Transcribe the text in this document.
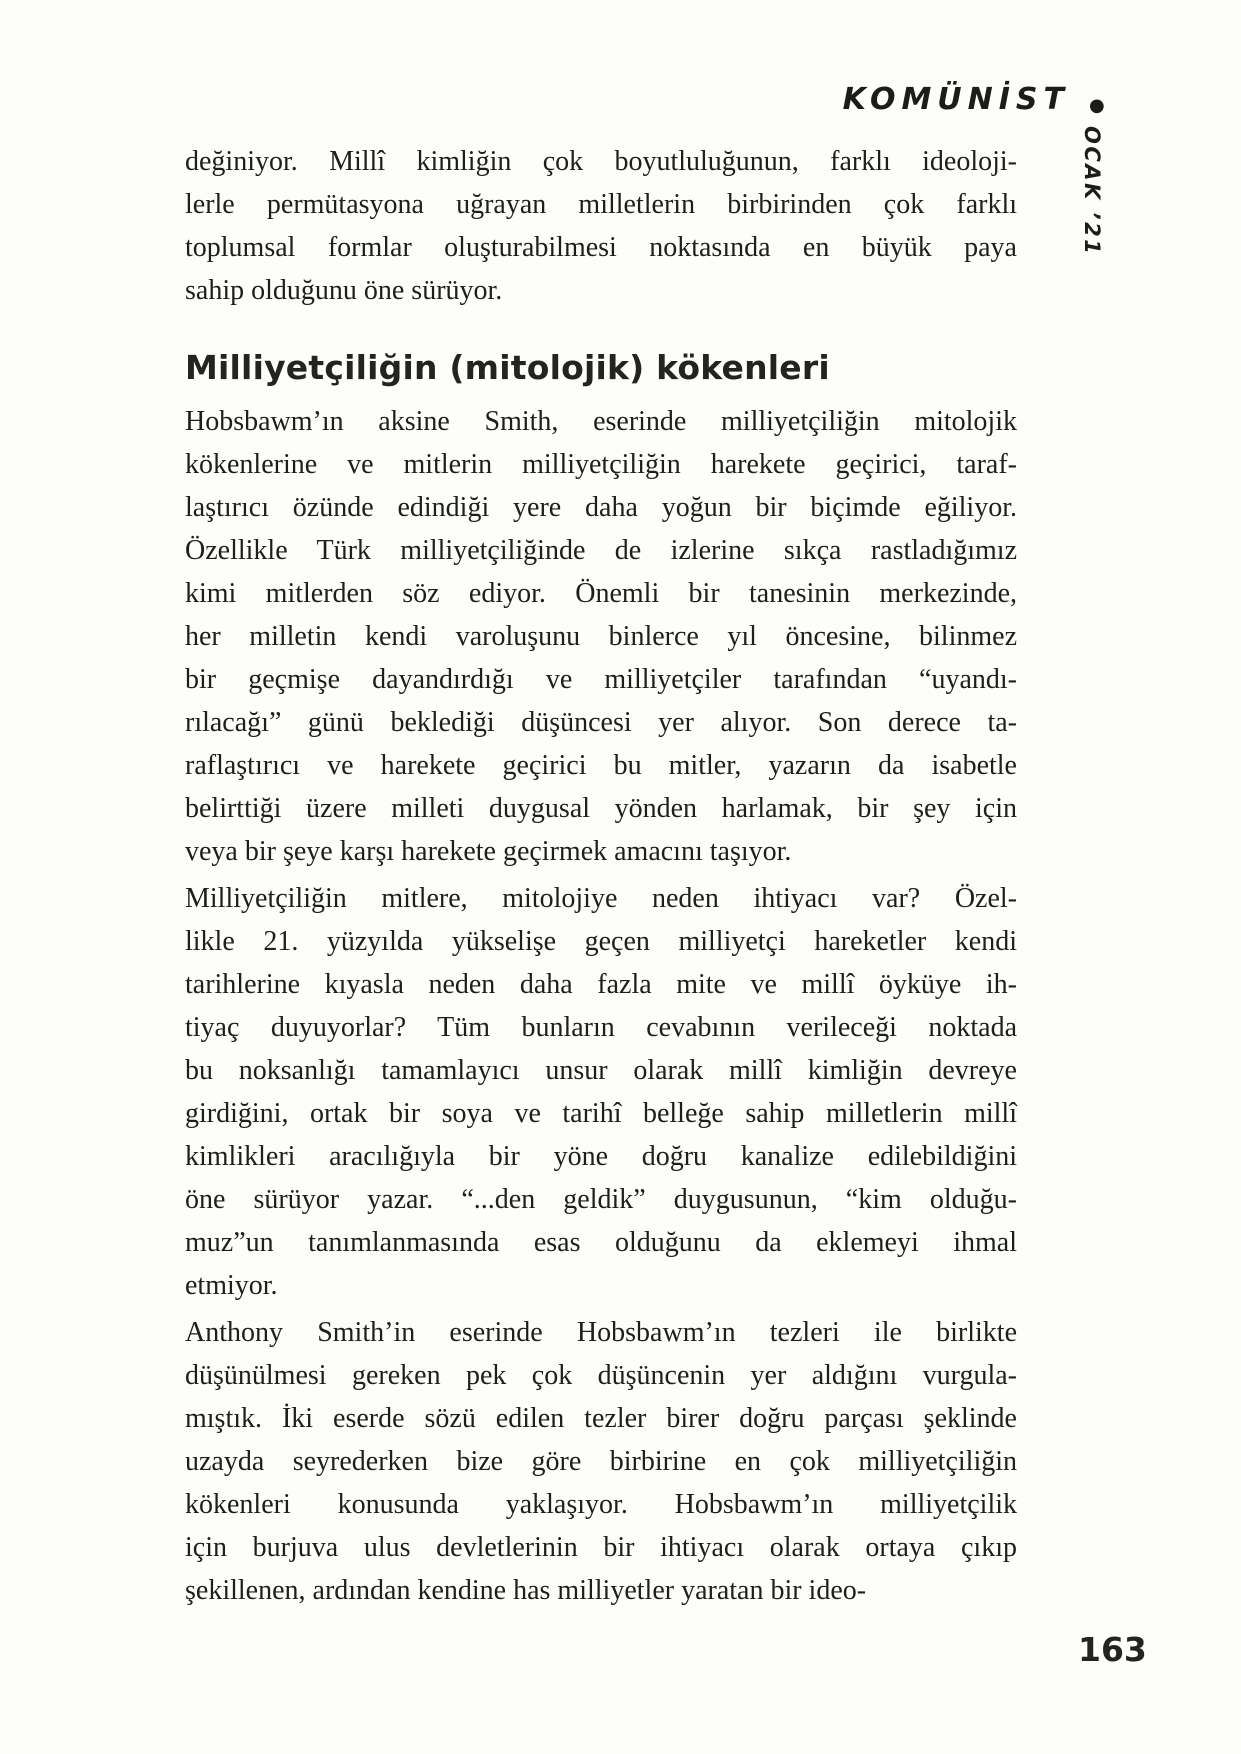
KOMÜNİST ●
OCAK ’21
değiniyor. Millî kimliğin çok boyutluluğunun, farklı ideoloji-
lerle permütasyona uğrayan milletlerin birbirinden çok farklı
toplumsal formlar oluşturabilmesi noktasında en büyük paya
sahip olduğunu öne sürüyor.
Milliyetçiliğin (mitolojik) kökenleri
Hobsbawm’ın aksine Smith, eserinde milliyetçiliğin mitolojik
kökenlerine ve mitlerin milliyetçiliğin harekete geçirici, taraf-
laştırıcı özünde edindiği yere daha yoğun bir biçimde eğiliyor.
Özellikle Türk milliyetçiliğinde de izlerine sıkça rastladığımız
kimi mitlerden söz ediyor. Önemli bir tanesinin merkezinde,
her milletin kendi varoluşunu binlerce yıl öncesine, bilinmez
bir geçmişe dayandırdığı ve milliyetçiler tarafından “uyandı-
rılacağı” günü beklediği düşüncesi yer alıyor. Son derece ta-
raflaştırıcı ve harekete geçirici bu mitler, yazarın da isabetle
belirttiği üzere milleti duygusal yönden harlamak, bir şey için
veya bir şeye karşı harekete geçirmek amacını taşıyor.
Milliyetçiliğin mitlere, mitolojiye neden ihtiyacı var? Özel-
likle 21. yüzyılda yükselişe geçen milliyetçi hareketler kendi
tarihlerine kıyasla neden daha fazla mite ve millî öyküye ih-
tiyaç duyuyorlar? Tüm bunların cevabının verileceği noktada
bu noksanlığı tamamlayıcı unsur olarak millî kimliğin devreye
girdiğini, ortak bir soya ve tarihî belleğe sahip milletlerin millî
kimlikleri aracılığıyla bir yöne doğru kanalize edilebildiğini
öne sürüyor yazar. “...den geldik” duygusunun, “kim olduğu-
muz”un tanımlanmasında esas olduğunu da eklemeyi ihmal
etmiyor.
Anthony Smith’in eserinde Hobsbawm’ın tezleri ile birlikte
düşünülmesi gereken pek çok düşüncenin yer aldığını vurgula-
mıştık. İki eserde sözü edilen tezler birer doğru parçası şeklinde
uzayda seyrederken bize göre birbirine en çok milliyetçiliğin
kökenleri konusunda yaklaşıyor. Hobsbawm’ın milliyetçilik
için burjuva ulus devletlerinin bir ihtiyacı olarak ortaya çıkıp
şekillenen, ardından kendine has milliyetler yaratan bir ideo-
163
